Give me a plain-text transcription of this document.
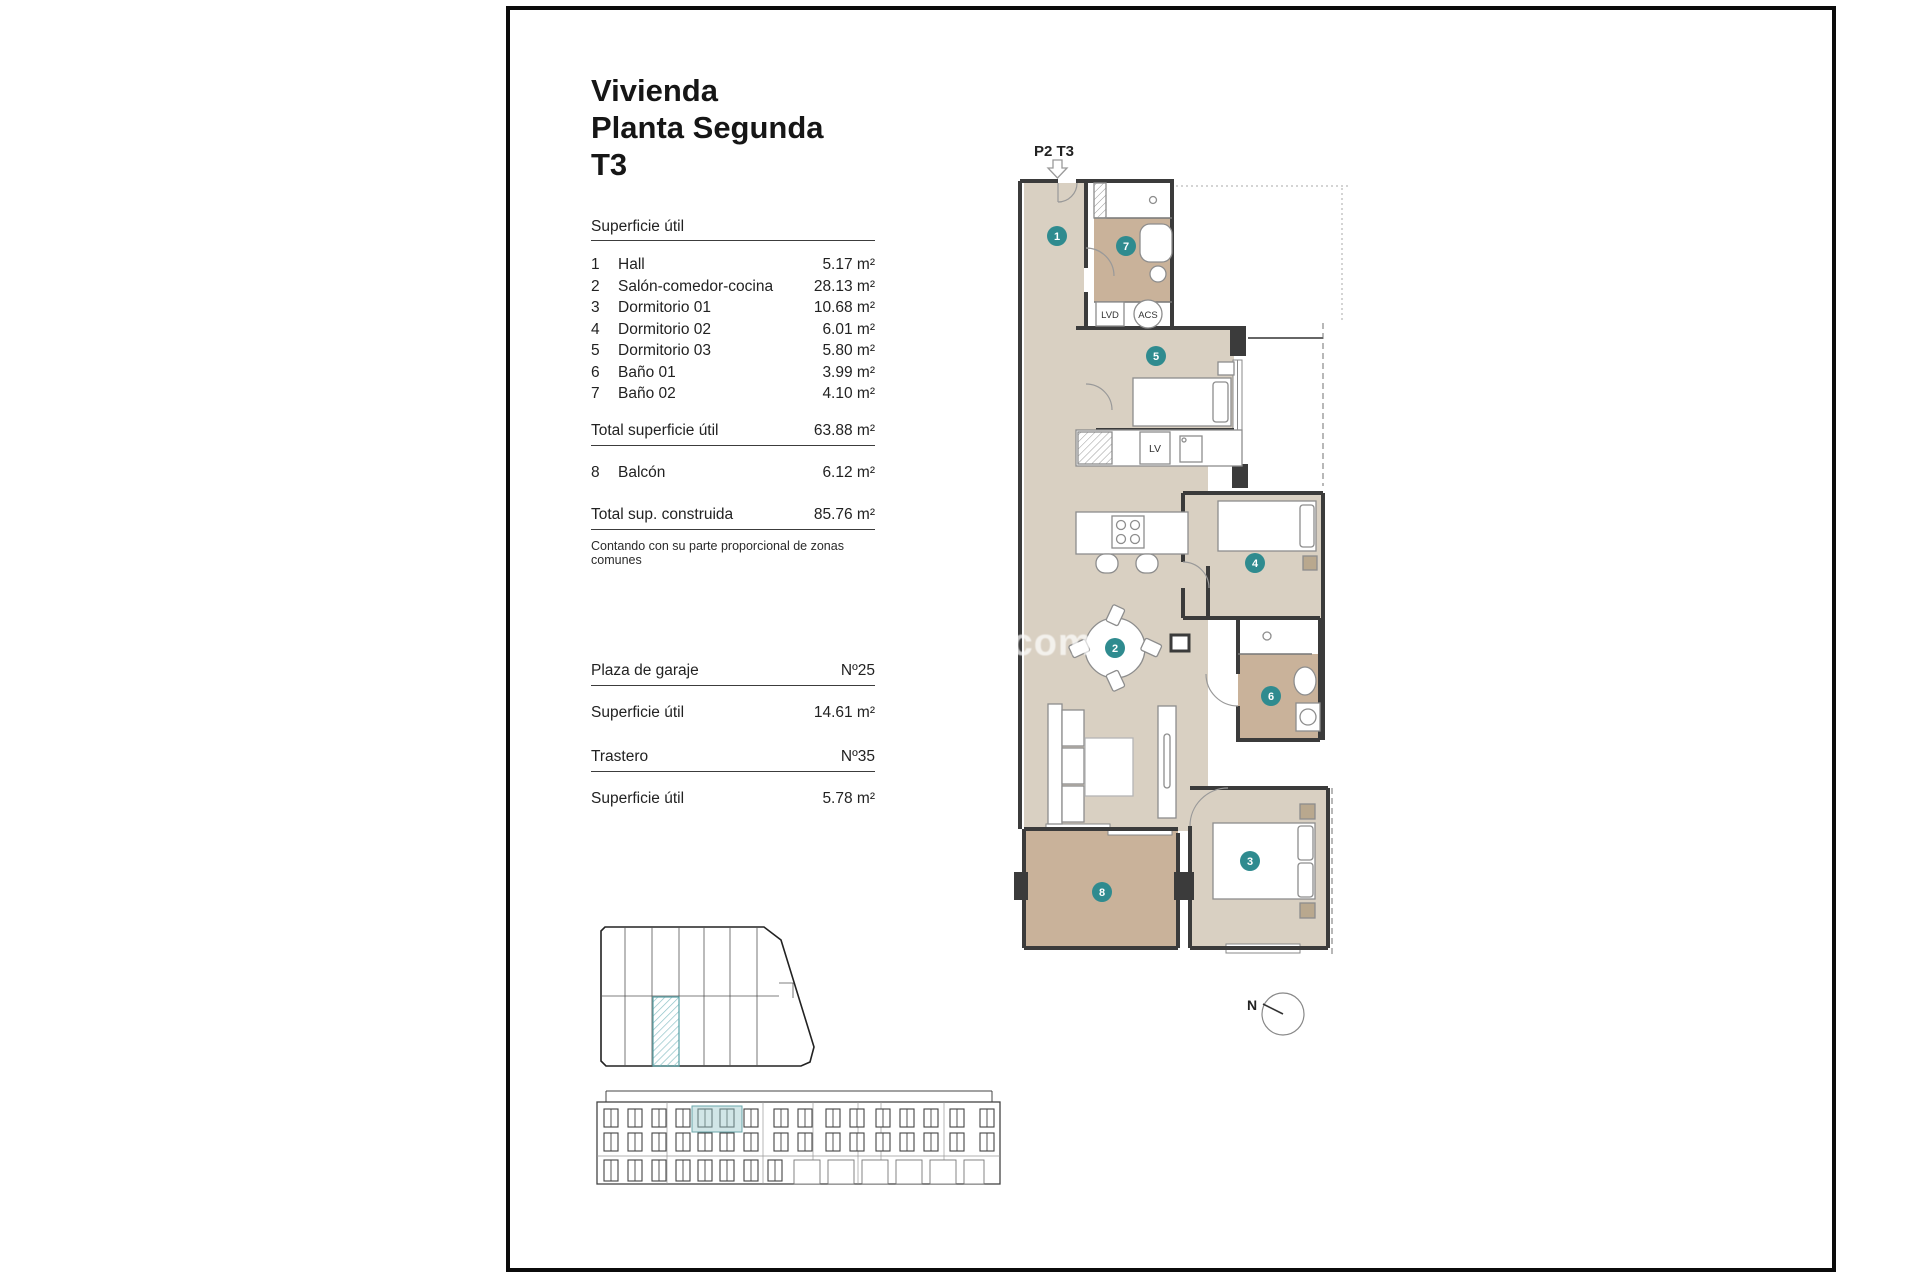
Vivienda
Planta Segunda
T3
Superficie útil
1	Hall	5.17 m²
2	Salón-comedor-cocina	28.13 m²
3	Dormitorio 01	10.68 m²
4	Dormitorio 02	6.01 m²
5	Dormitorio 03	5.80 m²
6	Baño 01	3.99 m²
7	Baño 02	4.10 m²
Total superficie útil	63.88 m²
8	Balcón	6.12 m²
Total sup. construida	85.76 m²
Contando con su parte proporcional de zonas comunes
Plaza de garaje	Nº25
Superficie útil	14.61 m²
Trastero	Nº35
Superficie útil	5.78 m²
P2 T3
LVD ACS
LV
1
7
5
4
2
6
3
8
N
.com
